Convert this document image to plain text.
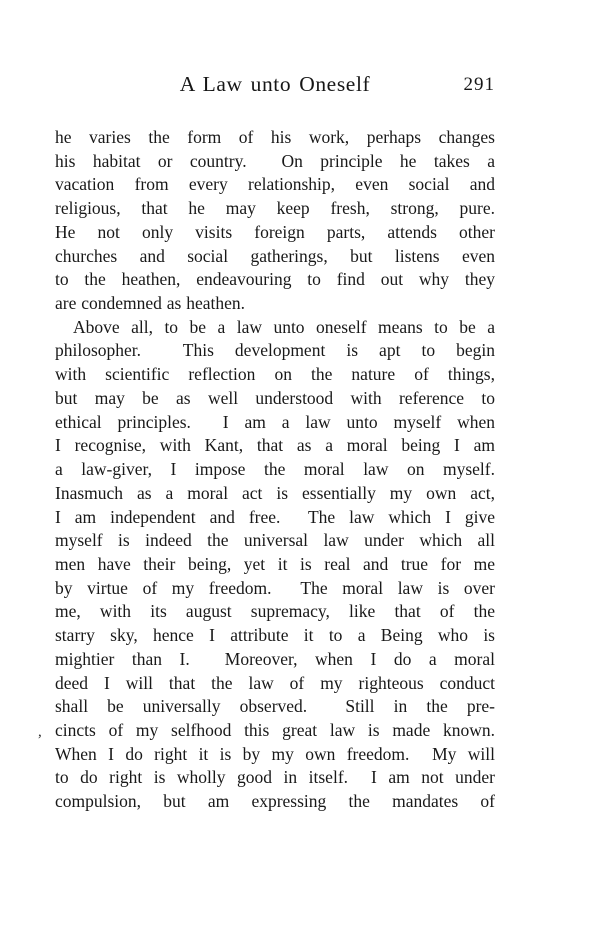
A Law unto Oneself	291
he varies the form of his work, perhaps changes
his habitat or country.  On principle he takes a
vacation from every relationship, even social and
religious, that he may keep fresh, strong, pure.
He not only visits foreign parts, attends other
churches and social gatherings, but listens even
to the heathen, endeavouring to find out why they
are condemned as heathen.
Above all, to be a law unto oneself means to be a
philosopher.  This development is apt to begin
with scientific reflection on the nature of things,
but may be as well understood with reference to
ethical principles.  I am a law unto myself when
I recognise, with Kant, that as a moral being I am
a law-giver, I impose the moral law on myself.
Inasmuch as a moral act is essentially my own act,
I am independent and free.  The law which I give
myself is indeed the universal law under which all
men have their being, yet it is real and true for me
by virtue of my freedom.  The moral law is over
me, with its august supremacy, like that of the
starry sky, hence I attribute it to a Being who is
mightier than I.  Moreover, when I do a moral
deed I will that the law of my righteous conduct
shall be universally observed.  Still in the pre-
cincts of my selfhood this great law is made known.
When I do right it is by my own freedom.  My will
to do right is wholly good in itself.  I am not under
compulsion, but am expressing the mandates of
,
